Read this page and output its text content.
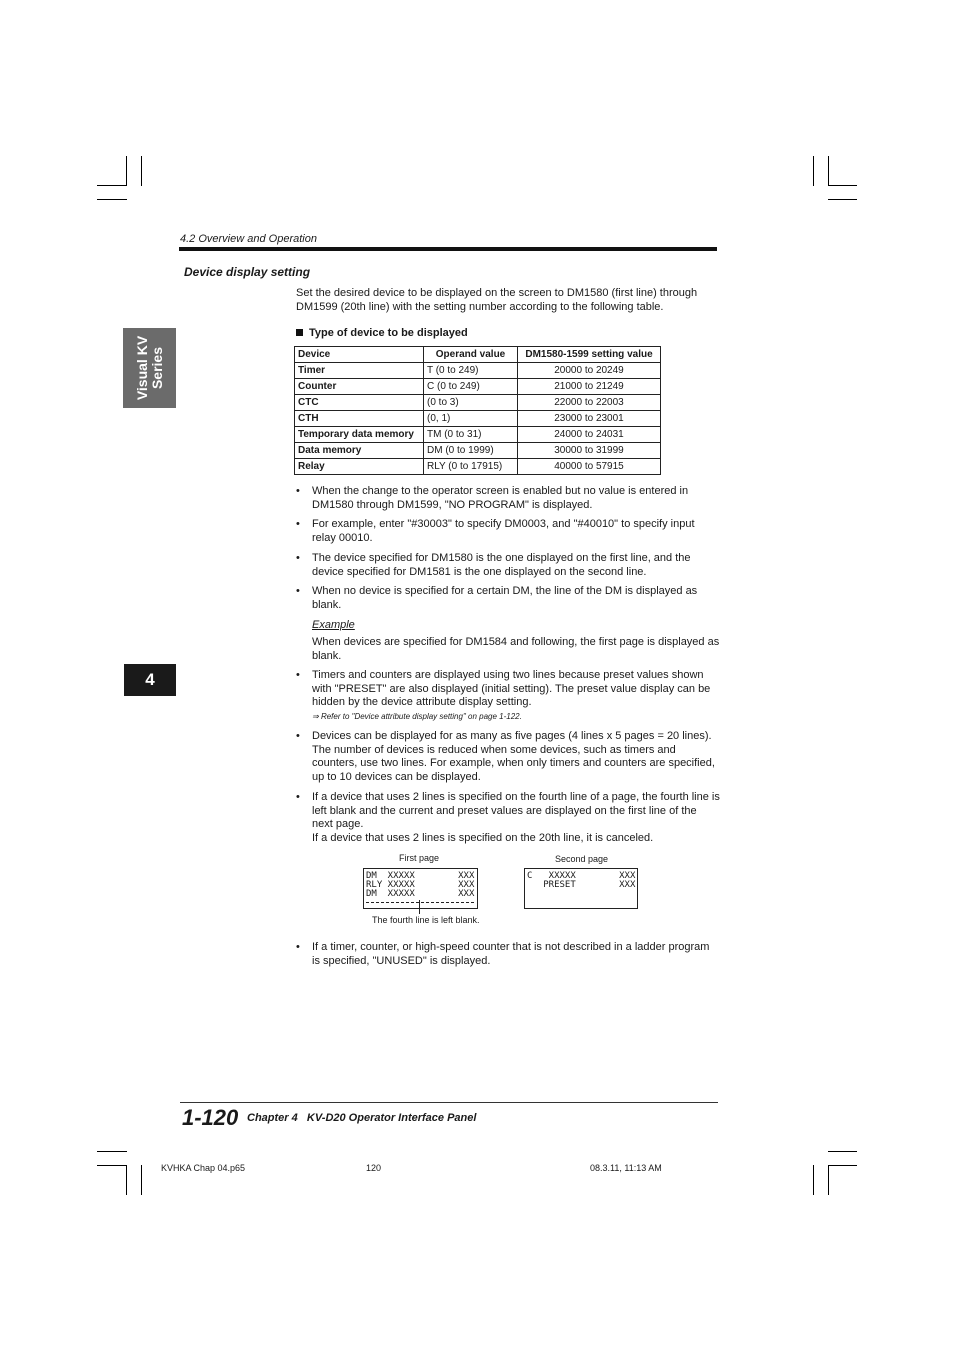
4.2 Overview and Operation
Visual KV Series
4
Device display setting
Set the desired device to be displayed on the screen to DM1580 (first line) through DM1599 (20th line) with the setting number according to the following table.
Type of device to be displayed
Device	Operand value	DM1580-1599 setting value
Timer	T (0 to 249)	20000 to 20249
Counter	C (0 to 249)	21000 to 21249
CTC	(0 to 3)	22000 to 22003
CTH	(0, 1)	23000 to 23001
Temporary data memory	TM (0 to 31)	24000 to 24031
Data memory	DM (0 to 1999)	30000 to 31999
Relay	RLY (0 to 17915)	40000 to 57915
• When the change to the operator screen is enabled but no value is entered in DM1580 through DM1599, "NO PROGRAM" is displayed.
• For example, enter "#30003" to specify DM0003, and "#40010" to specify input relay 00010.
• The device specified for DM1580 is the one displayed on the first line, and the device specified for DM1581 is the one displayed on the second line.
• When no device is specified for a certain DM, the line of the DM is displayed as blank.
Example
When devices are specified for DM1584 and following, the first page is displayed as blank.
• Timers and counters are displayed using two lines because preset values shown with "PRESET" are also displayed (initial setting). The preset value display can be hidden by the device attribute display setting.
⇒ Refer to "Device attribute display setting" on page 1-122.
• Devices can be displayed for as many as five pages (4 lines x 5 pages = 20 lines). The number of devices is reduced when some devices, such as timers and counters, use two lines. For example, when only timers and counters are specified, up to 10 devices can be displayed.
• If a device that uses 2 lines is specified on the fourth line of a page, the fourth line is left blank and the current and preset values are displayed on the first line of the next page.
If a device that uses 2 lines is specified on the 20th line, it is canceled.
First page	Second page
DM  XXXXX        XXX
RLY XXXXX        XXX
DM  XXXXX        XXX
The fourth line is left blank.
C   XXXXX        XXX
PRESET        XXX
• If a timer, counter, or high-speed counter that is not described in a ladder program is specified, "UNUSED" is displayed.
1-120 Chapter 4   KV-D20 Operator Interface Panel
KVHKA Chap 04.p65	120	08.3.11, 11:13 AM
